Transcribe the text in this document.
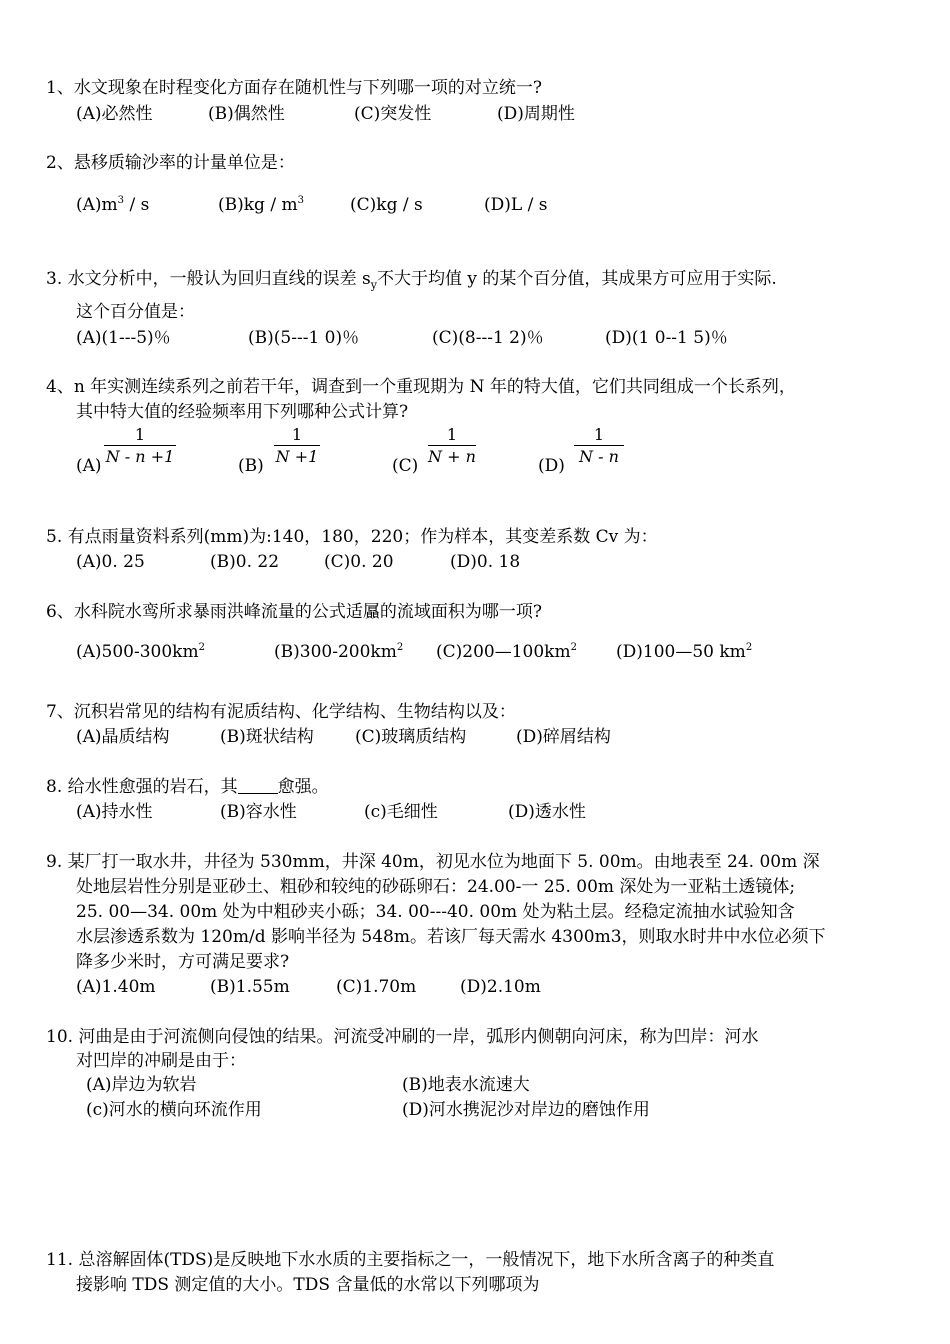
1、水文现象在时程变化方面存在随机性与下列哪一项的对立统一?
(A)必然性	(B)偶然性	(C)突发性	(D)周期性
2、悬移质输沙率的计量单位是：
$(A)m^3$ / s	$(B)kg / m^3$	(C)kg / s	(D)L / s
3. 水文分析中，一般认为回归直线的误差 $s_y$不大于均值 y 的某个百分值，其成果方可应用于实际.
这个百分值是：
(A)(1---5)％	(B)(5---1 0)％	(C)(8---1 2)％	(D)(1 0--1 5)％
4、n 年实测连续系列之前若干年，调查到一个重现期为 N 年的特大值，它们共同组成一个长系列，
其中特大值的经验频率用下列哪种公式计算?
(A)
1
N - n +1	(B)
1
N +1	(C)
1
N + n	(D)
1
N - n
5. 有点雨量资料系列(mm)为:140，180，220；作为样本，其变差系数 Cv 为：
(A)0. 25	(B)0. 22	(C)0. 20	(D)0. 18
6、水科院水鸾所求暴雨洪峰流量的公式适屭的流域面积为哪一项?
$(A)500-300km^2$	$(B)300-200km^2$ $(C)200—100km^2$ (D)100—50 $km^2$
7、沉积岩常见的结构有泥质结构、化学结构、生物结构以及：
(A)晶质结构	(B)斑状结构 (C)玻璃质结构	(D)碎屑结构
8. 给水性愈强的岩石，其 愈强。
(A)持水性	(B)容水性	(c)毛细性	(D)透水性
9. 某厂打一取水井，井径为 530mm，井深 40m，初见水位为地面下 5. 00m。由地表至 24. 00m 深
处地层岩性分别是亚砂土、粗砂和较纯的砂砾卵石：24.00-一 25. 00m 深处为一亚粘土透镜体;
25. 00—34. 00m 处为中粗砂夹小砾；34. 00---40. 00m 处为粘土层。经稳定流抽水试验知含
水层渗透系数为 120m/d 影响半径为 548m。若该厂每天需水 4300m3，则取水时井中水位必须下
降多少米时，方可满足要求?
(A)1.40m	(B)1.55m	(C)1.70m	(D)2.10m
10. 河曲是由于河流侧向侵蚀的结果。河流受冲刷的一岸，弧形内侧朝向河床，称为凹岸：河水
对凹岸的冲刷是由于：
(A)岸边为软岩	(B)地表水流速大
(c)河水的横向环流作用	(D)河水携泥沙对岸边的磨蚀作用
11. 总溶解固体(TDS)是反映地下水水质的主要指标之一，一般情况下，地下水所含离子的种类直
接影响 TDS 测定值的大小。TDS 含量低的水常以下列哪项为
